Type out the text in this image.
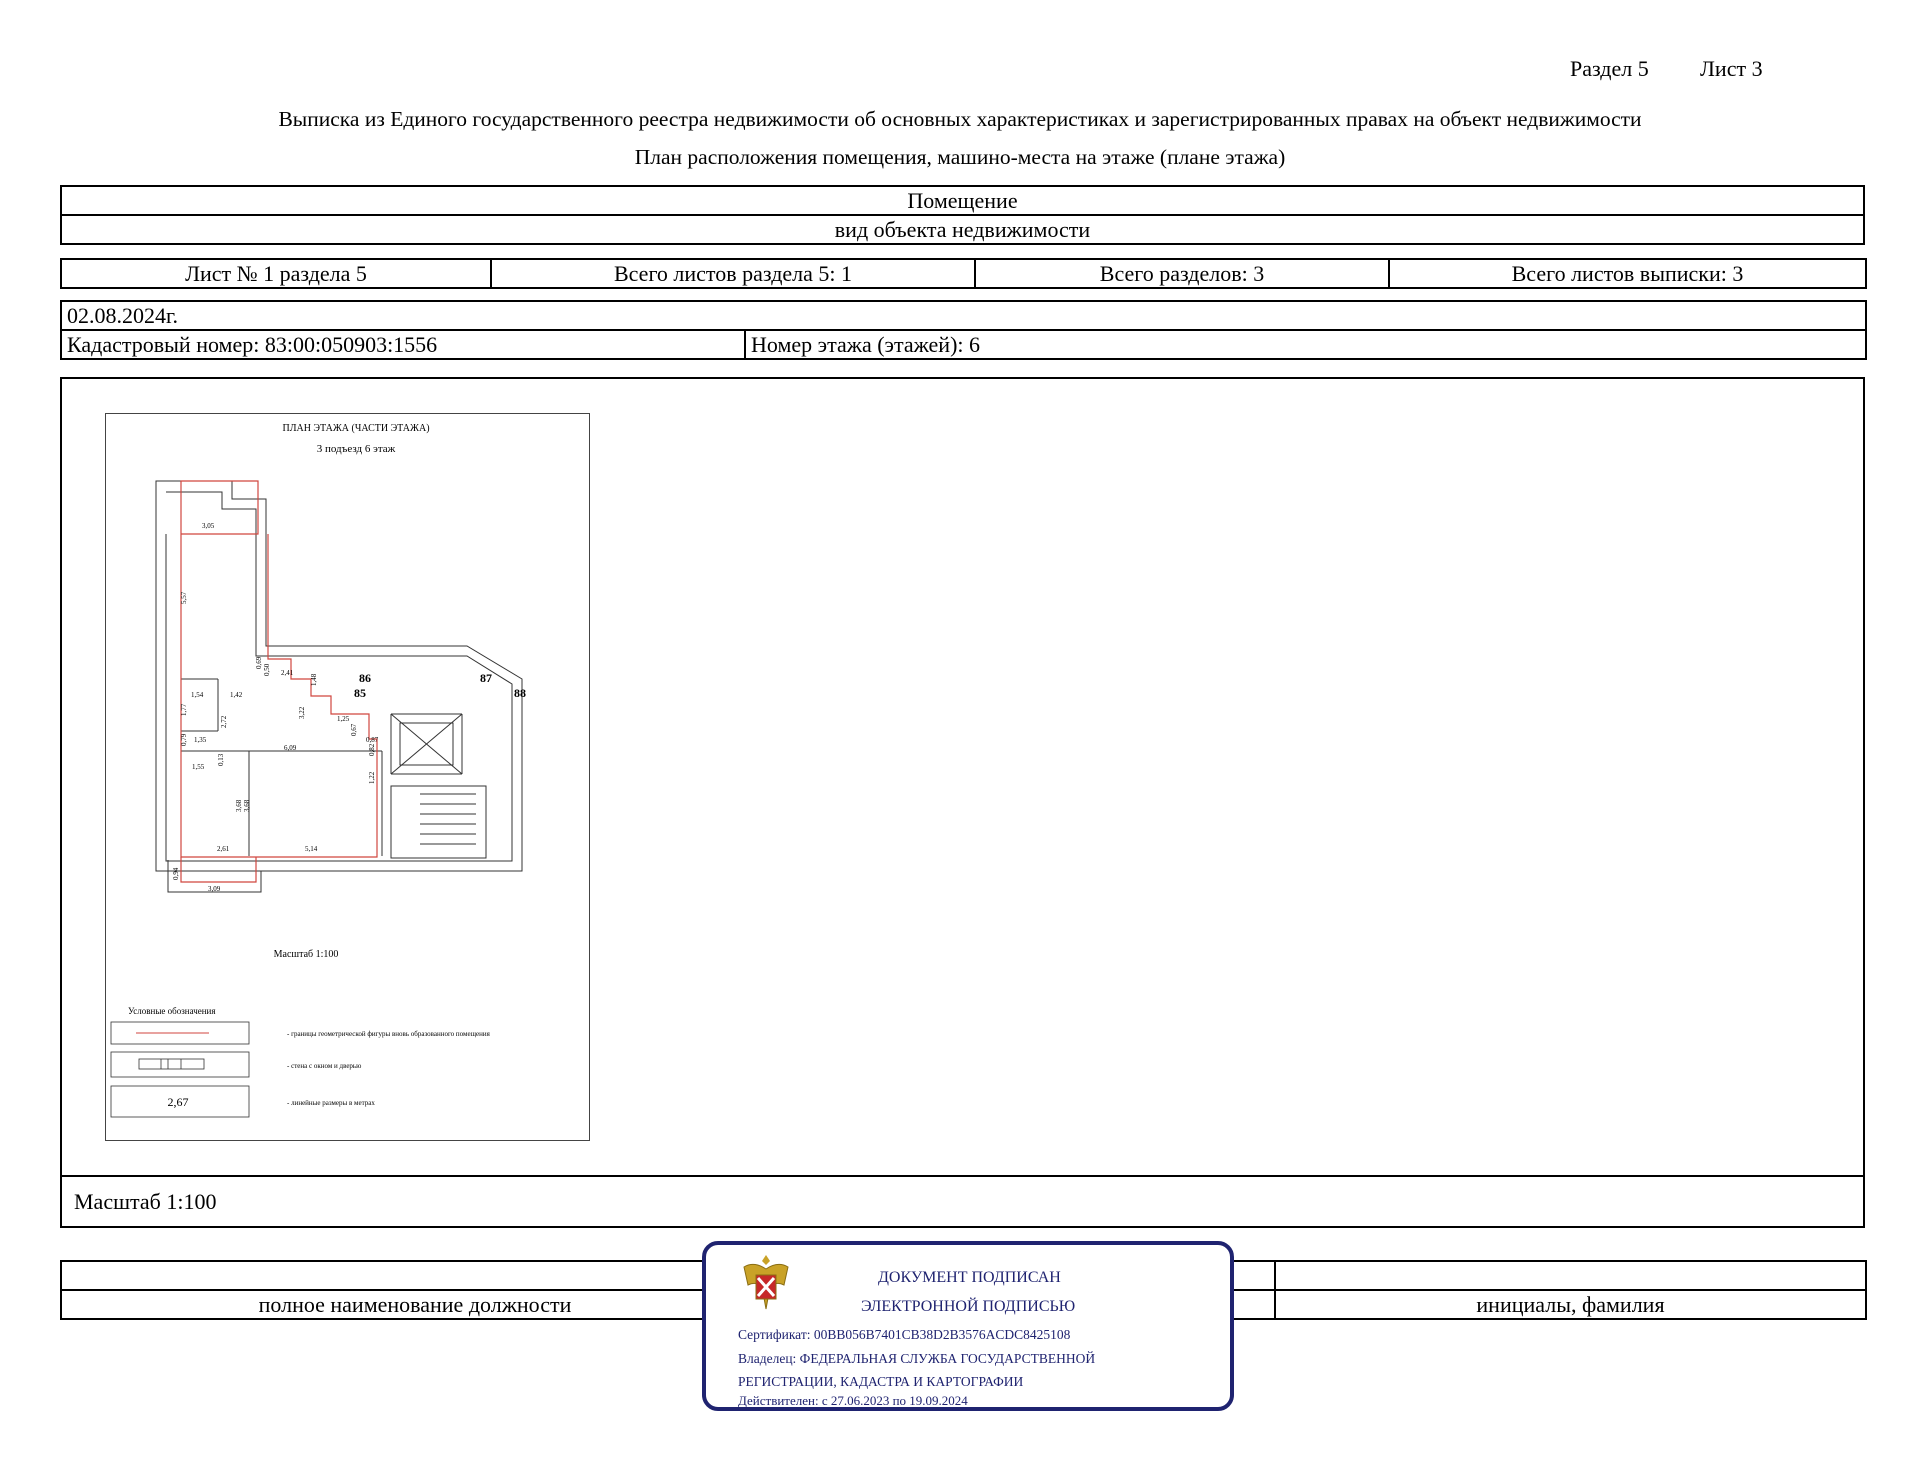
Раздел 5 Лист 3
Выписка из Единого государственного реестра недвижимости об основных характеристиках и зарегистрированных правах на объект недвижимости
План расположения помещения, машино-места на этаже (плане этажа)
Помещение
вид объекта недвижимости
Лист № 1 раздела 5	Всего листов раздела 5: 1	Всего разделов: 3	Всего листов выписки: 3
02.08.2024г.
Кадастровый номер: 83:00:050903:1556	Номер этажа (этажей): 6
ПЛАН ЭТАЖА (ЧАСТИ ЭТАЖА)
3 подъезд 6 этаж
3,05
5,57
0,69
0,50 2,41
1,48
1,54	1,42
1,77
2,72
3,22	1,25
0,67
0,79 1,35
6,09
0,87
0,82
0,13
1,55
1,22
3,68 3,68
2,61	5,14
0,94
3,09
85
86	87
88
Масштаб 1:100
Условные обозначения
- границы геометрической фигуры вновь образованного помещения
- стена с окном и дверью
2,67	- линейные размеры в метрах
Масштаб 1:100

полное наименование должности		инициалы, фамилия
ДОКУМЕНТ ПОДПИСАН
ЭЛЕКТРОННОЙ ПОДПИСЬЮ
Сертификат: 00BB056B7401CB38D2B3576ACDC8425108
Владелец: ФЕДЕРАЛЬНАЯ СЛУЖБА ГОСУДАРСТВЕННОЙ
РЕГИСТРАЦИИ, КАДАСТРА И КАРТОГРАФИИ
Действителен: с 27.06.2023 по 19.09.2024
